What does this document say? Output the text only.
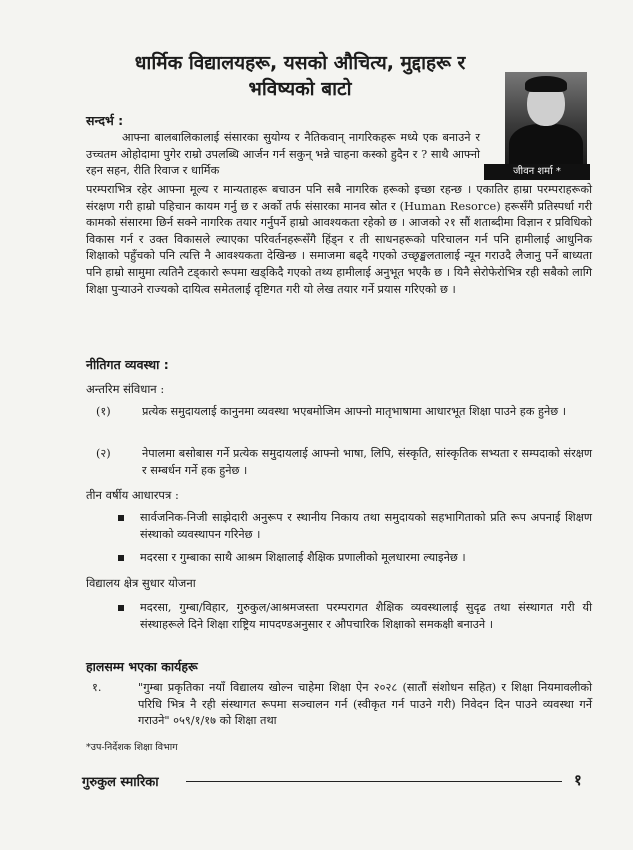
धार्मिक विद्यालयहरू, यसको औचित्य, मुद्दाहरू र
भविष्यको बाटो
जीवन शर्मा *
सन्दर्भ :
आफ्ना बालबालिकालाई संसारका सुयोग्य र नैतिकवान् नागरिकहरू मध्ये एक बनाउने र उच्चतम ओहोदामा पुगेर राम्रो उपलब्धि आर्जन गर्न सकुन् भन्ने चाहना कस्को हुदैन र ? साथै आफ्नो रहन सहन, रीति रिवाज र धार्मिक
परम्पराभित्र रहेर आफ्ना मूल्य र मान्यताहरू बचाउन पनि सबै नागरिक हरूको इच्छा रहन्छ । एकातिर हाम्रा परम्पराहरूको संरक्षण गरी हाम्रो पहिचान कायम गर्नु छ र अर्को तर्फ संसारका मानव स्रोत र (Human Resorce) हरूसँगै प्रतिस्पर्धा गरी कामको संसारमा छिर्न सक्ने नागरिक तयार गर्नुपर्ने हाम्रो आवश्यकता रहेको छ । आजको २१ सौं शताब्दीमा विज्ञान र प्रविधिको विकास गर्न र उक्त विकासले ल्याएका परिवर्तनहरूसँगै हिंड्न र ती साधनहरूको परिचालन गर्न पनि हामीलाई आधुनिक शिक्षाको पहुँचको पनि त्यत्ति नै आवश्यकता देखिन्छ । समाजमा बढ्दै गएको उच्छृङ्खलतालाई न्यून गराउदै लैजानु पर्ने बाध्यता पनि हाम्रो सामुमा त्यतिनै टड्कारो रूपमा खड्किदै गएको तथ्य हामीलाई अनुभूत भएकै छ । यिनै सेरोफेरोभित्र रही सबैको लागि शिक्षा पुऱ्याउने राज्यको दायित्व समेतलाई दृष्टिगत गरी यो लेख तयार गर्ने प्रयास गरिएको छ ।
नीतिगत व्यवस्था :
अन्तरिम संविधान :
(१)	प्रत्येक समुदायलाई कानुनमा व्यवस्था भएबमोजिम आफ्नो मातृभाषामा आधारभूत शिक्षा पाउने हक हुनेछ ।
(२)	नेपालमा बसोबास गर्ने प्रत्येक समुदायलाई आफ्नो भाषा, लिपि, संस्कृति, सांस्कृतिक सभ्यता र सम्पदाको संरक्षण र सम्बर्धन गर्ने हक हुनेछ ।
तीन वर्षीय आधारपत्र :
सार्वजनिक-निजी साझेदारी अनुरूप र स्थानीय निकाय तथा समुदायको सहभागिताको प्रति रूप अपनाई शिक्षण संस्थाको व्यवस्थापन गरिनेछ ।
मदरसा र गुम्बाका साथै आश्रम शिक्षालाई शैक्षिक प्रणालीको मूलधारमा ल्याइनेछ ।
विद्यालय क्षेत्र सुधार योजना
मदरसा, गुम्बा/विहार, गुरुकुल/आश्रमजस्ता परम्परागत शैक्षिक व्यवस्थालाई सुदृढ तथा संस्थागत गरी यी संस्थाहरूले दिने शिक्षा राष्ट्रिय मापदण्डअनुसार र औपचारिक शिक्षाको समकक्षी बनाउने ।
हालसम्म भएका कार्यहरू
१.	"गुम्बा प्रकृतिका नयाँ विद्यालय खोल्न चाहेमा शिक्षा ऐन २०२८ (सातौं संशोधन सहित) र शिक्षा नियमावलीको परिधि भित्र नै रही संस्थागत रूपमा सञ्चालन गर्न (स्वीकृत गर्न पाउने गरी) निवेदन दिन पाउने व्यवस्था गर्ने गराउने" ०५९/१/१७ को शिक्षा तथा
*उप-निर्देशक शिक्षा विभाग
गुरुकुल स्मारिका	१
